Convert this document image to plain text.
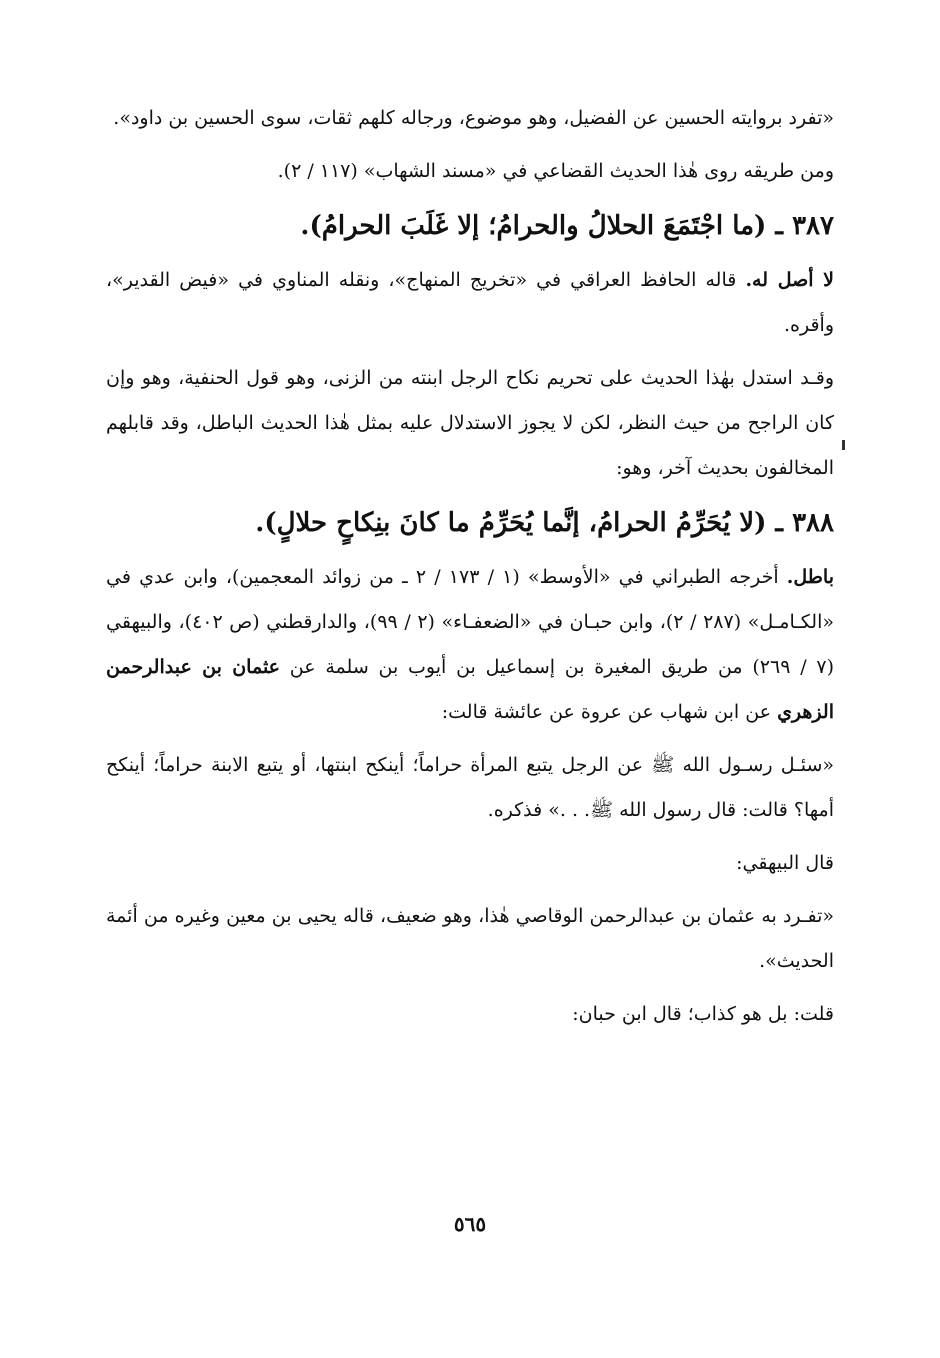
«تفرد بروايته الحسين عن الفضيل، وهو موضوع، ورجاله كلهم ثقات، سوى الحسين بن داود».

ومن طريقه روى هٰذا الحديث القضاعي في «مسند الشهاب» (١١٧ / ٢).

٣٨٧ ـ (ما اجْتَمَعَ الحلالُ والحرامُ؛ إلا غَلَبَ الحرامُ).

لا أصل له. قاله الحافظ العراقي في «تخريج المنهاج»، ونقله المناوي في «فيض القدير»، وأقره.

وقـد استدل بهٰذا الحديث على تحريم نكاح الرجل ابنته من الزنى، وهو قول الحنفية، وهو وإن كان الراجح من حيث النظر، لكن لا يجوز الاستدلال عليه بمثل هٰذا الحديث الباطل، وقد قابلهم المخالفون بحديث آخر، وهو:

٣٨٨ ـ (لا يُحَرِّمُ الحرامُ، إنَّما يُحَرِّمُ ما كانَ بنِكاحٍ حلالٍ).

باطل. أخرجه الطبراني في «الأوسط» (١ / ١٧٣ / ٢ ـ من زوائد المعجمين)، وابن عدي في «الكـامـل» (٢٨٧ / ٢)، وابن حبـان في «الضعفـاء» (٢ / ٩٩)، والدارقطني (ص ٤٠٢)، والبيهقي (٧ / ٢٦٩) من طريق المغيرة بن إسماعيل بن أيوب بن سلمة عن عثمان بن عبدالرحمن الزهري عن ابن شهاب عن عروة عن عائشة قالت:

«سئـل رسـول الله ﷺ عن الرجل يتبع المرأة حراماً؛ أينكح ابنتها، أو يتبع الابنة حراماً؛ أينكح أمها؟ قالت: قال رسول الله ﷺ. . .» فذكره.

قال البيهقي:

«تفـرد به عثمان بن عبدالرحمن الوقاصي هٰذا، وهو ضعيف، قاله يحيى بن معين وغيره من أئمة الحديث».

قلت: بل هو كذاب؛ قال ابن حبان:

٥٦٥
